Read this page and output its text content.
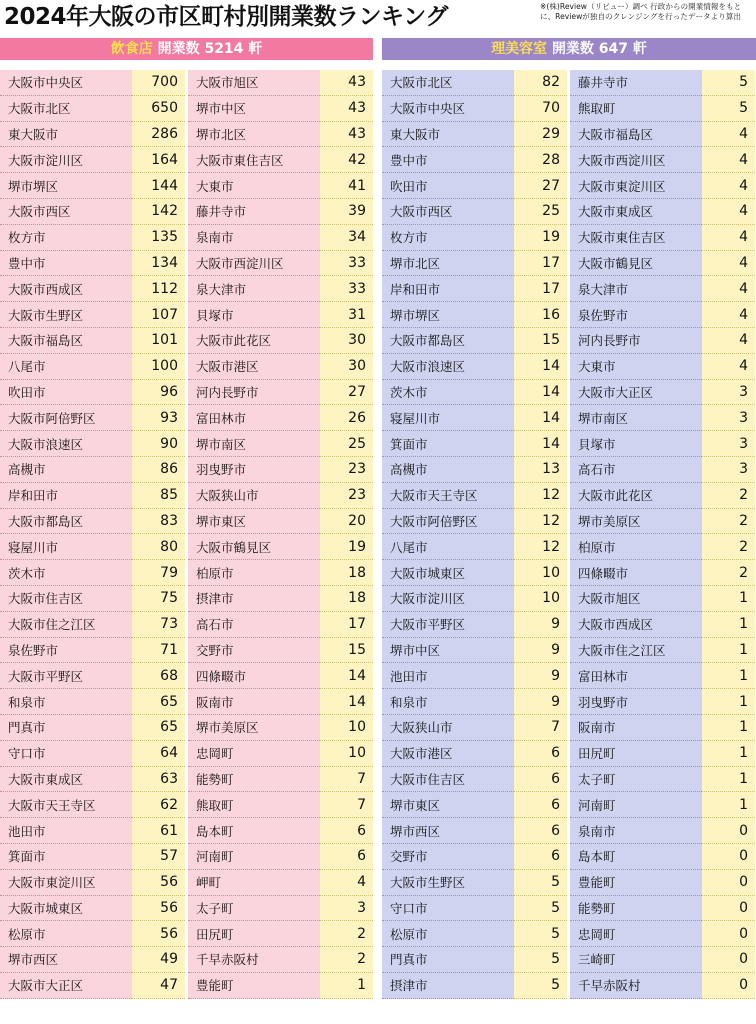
2024年大阪の市区町村別開業数ランキング	※(株)Review（リビュー）調べ 行政からの開業情報をもとに、Reviewが独自のクレンジングを行ったデータより算出
飲食店 開業数 5214 軒	理美容室 開業数 647 軒
大阪市中央区	700
大阪市北区	650
東大阪市	286
大阪市淀川区	164
堺市堺区	144
大阪市西区	142
枚方市	135
豊中市	134
大阪市西成区	112
大阪市生野区	107
大阪市福島区	101
八尾市	100
吹田市	96
大阪市阿倍野区	93
大阪市浪速区	90
高槻市	86
岸和田市	85
大阪市都島区	83
寝屋川市	80
茨木市	79
大阪市住吉区	75
大阪市住之江区	73
泉佐野市	71
大阪市平野区	68
和泉市	65
門真市	65
守口市	64
大阪市東成区	63
大阪市天王寺区	62
池田市	61
箕面市	57
大阪市東淀川区	56
大阪市城東区	56
松原市	56
堺市西区	49
大阪市大正区	47
大阪市旭区	43
堺市中区	43
堺市北区	43
大阪市東住吉区	42
大東市	41
藤井寺市	39
泉南市	34
大阪市西淀川区	33
泉大津市	33
貝塚市	31
大阪市此花区	30
大阪市港区	30
河内長野市	27
富田林市	26
堺市南区	25
羽曳野市	23
大阪狭山市	23
堺市東区	20
大阪市鶴見区	19
柏原市	18
摂津市	18
高石市	17
交野市	15
四條畷市	14
阪南市	14
堺市美原区	10
忠岡町	10
能勢町	7
熊取町	7
島本町	6
河南町	6
岬町	4
太子町	3
田尻町	2
千早赤阪村	2
豊能町	1
大阪市北区	82
大阪市中央区	70
東大阪市	29
豊中市	28
吹田市	27
大阪市西区	25
枚方市	19
堺市北区	17
岸和田市	17
堺市堺区	16
大阪市都島区	15
大阪市浪速区	14
茨木市	14
寝屋川市	14
箕面市	14
高槻市	13
大阪市天王寺区	12
大阪市阿倍野区	12
八尾市	12
大阪市城東区	10
大阪市淀川区	10
大阪市平野区	9
堺市中区	9
池田市	9
和泉市	9
大阪狭山市	7
大阪市港区	6
大阪市住吉区	6
堺市東区	6
堺市西区	6
交野市	6
大阪市生野区	5
守口市	5
松原市	5
門真市	5
摂津市	5
藤井寺市	5
熊取町	5
大阪市福島区	4
大阪市西淀川区	4
大阪市東淀川区	4
大阪市東成区	4
大阪市東住吉区	4
大阪市鶴見区	4
泉大津市	4
泉佐野市	4
河内長野市	4
大東市	4
大阪市大正区	3
堺市南区	3
貝塚市	3
高石市	3
大阪市此花区	2
堺市美原区	2
柏原市	2
四條畷市	2
大阪市旭区	1
大阪市西成区	1
大阪市住之江区	1
富田林市	1
羽曳野市	1
阪南市	1
田尻町	1
太子町	1
河南町	1
泉南市	0
島本町	0
豊能町	0
能勢町	0
忠岡町	0
三崎町	0
千早赤阪村	0
